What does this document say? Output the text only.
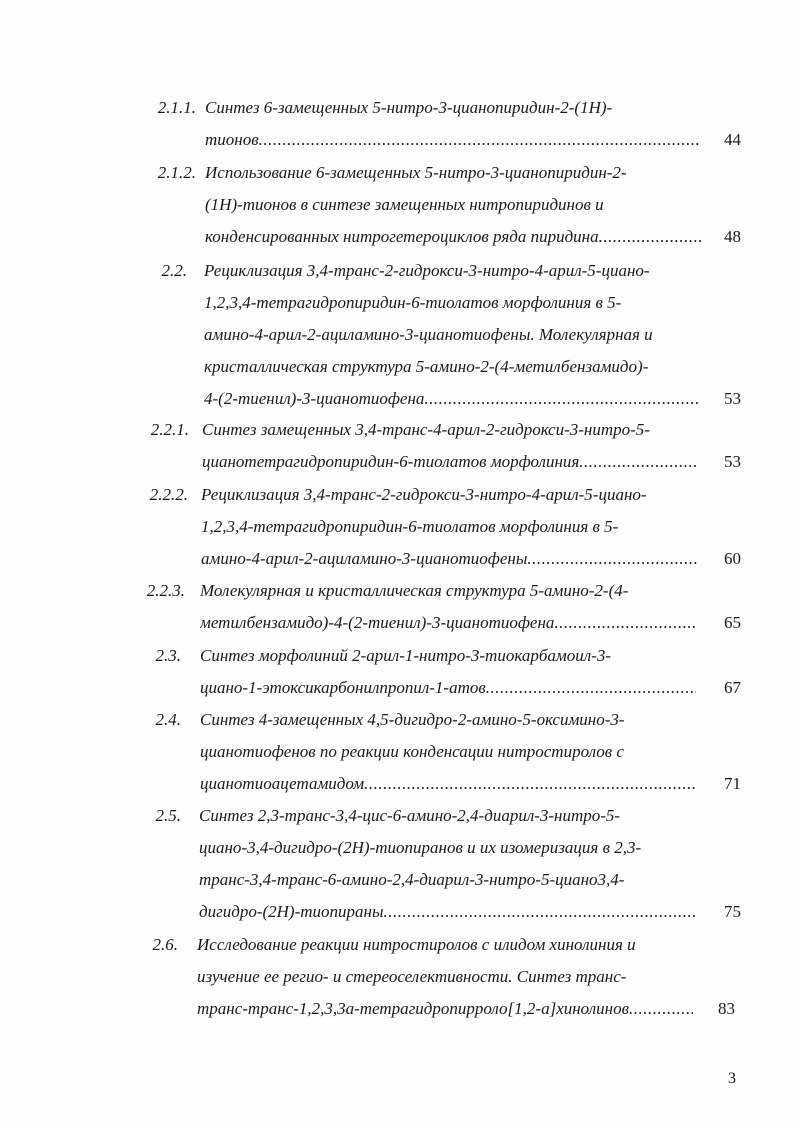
2.1.1. Синтез 6-замещенных 5-нитро-3-цианопиридин-2-(1Н)-
тионов .....	44
2.1.2. Использование 6-замещенных 5-нитро-3-цианопиридин-2-
(1Н)-тионов в синтезе замещенных нитропиридинов и
конденсированных нитрогетероциклов ряда пиридина .....	48
2.2. Рециклизация 3,4-транс-2-гидрокси-3-нитро-4-арил-5-циано-
1,2,3,4-тетрагидропиридин-6-тиолатов морфолиния в 5-
амино-4-арил-2-ациламино-3-цианотиофены. Молекулярная и
кристаллическая структура 5-амино-2-(4-метилбензамидо)-
4-(2-тиенил)-3-цианотиофена .....	53
2.2.1. Синтез замещенных 3,4-транс-4-арил-2-гидрокси-3-нитро-5-
цианотетрагидропиридин-6-тиолатов морфолиния .....	53
2.2.2. Рециклизация 3,4-транс-2-гидрокси-3-нитро-4-арил-5-циано-
1,2,3,4-тетрагидропиридин-6-тиолатов морфолиния в 5-
амино-4-арил-2-ациламино-3-цианотиофены .....	60
2.2.3. Молекулярная и кристаллическая структура 5-амино-2-(4-
метилбензамидо)-4-(2-тиенил)-3-цианотиофена .....	65
2.3. Синтез морфолиний 2-арил-1-нитро-3-тиокарбамоил-3-
циано-1-этоксикарбонилпропил-1-атов .....	67
2.4. Синтез 4-замещенных 4,5-дигидро-2-амино-5-оксимино-3-
цианотиофенов по реакции конденсации нитростиролов с
цианотиоацетамидом .....	71
2.5. Синтез 2,3-транс-3,4-цис-6-амино-2,4-диарил-3-нитро-5-
циано-3,4-дигидро-(2Н)-тиопиранов и их изомеризация в 2,3-
транс-3,4-транс-6-амино-2,4-диарил-3-нитро-5-циано3,4-
дигидро-(2Н)-тиопираны .....	75
2.6. Исследование реакции нитростиролов с илидом хинолиния и
изучение ее регио- и стереоселективности. Синтез транс-
транс-транс-1,2,3,3а-тетрагидропирроло[1,2-а]хинолинов .....	83
3
